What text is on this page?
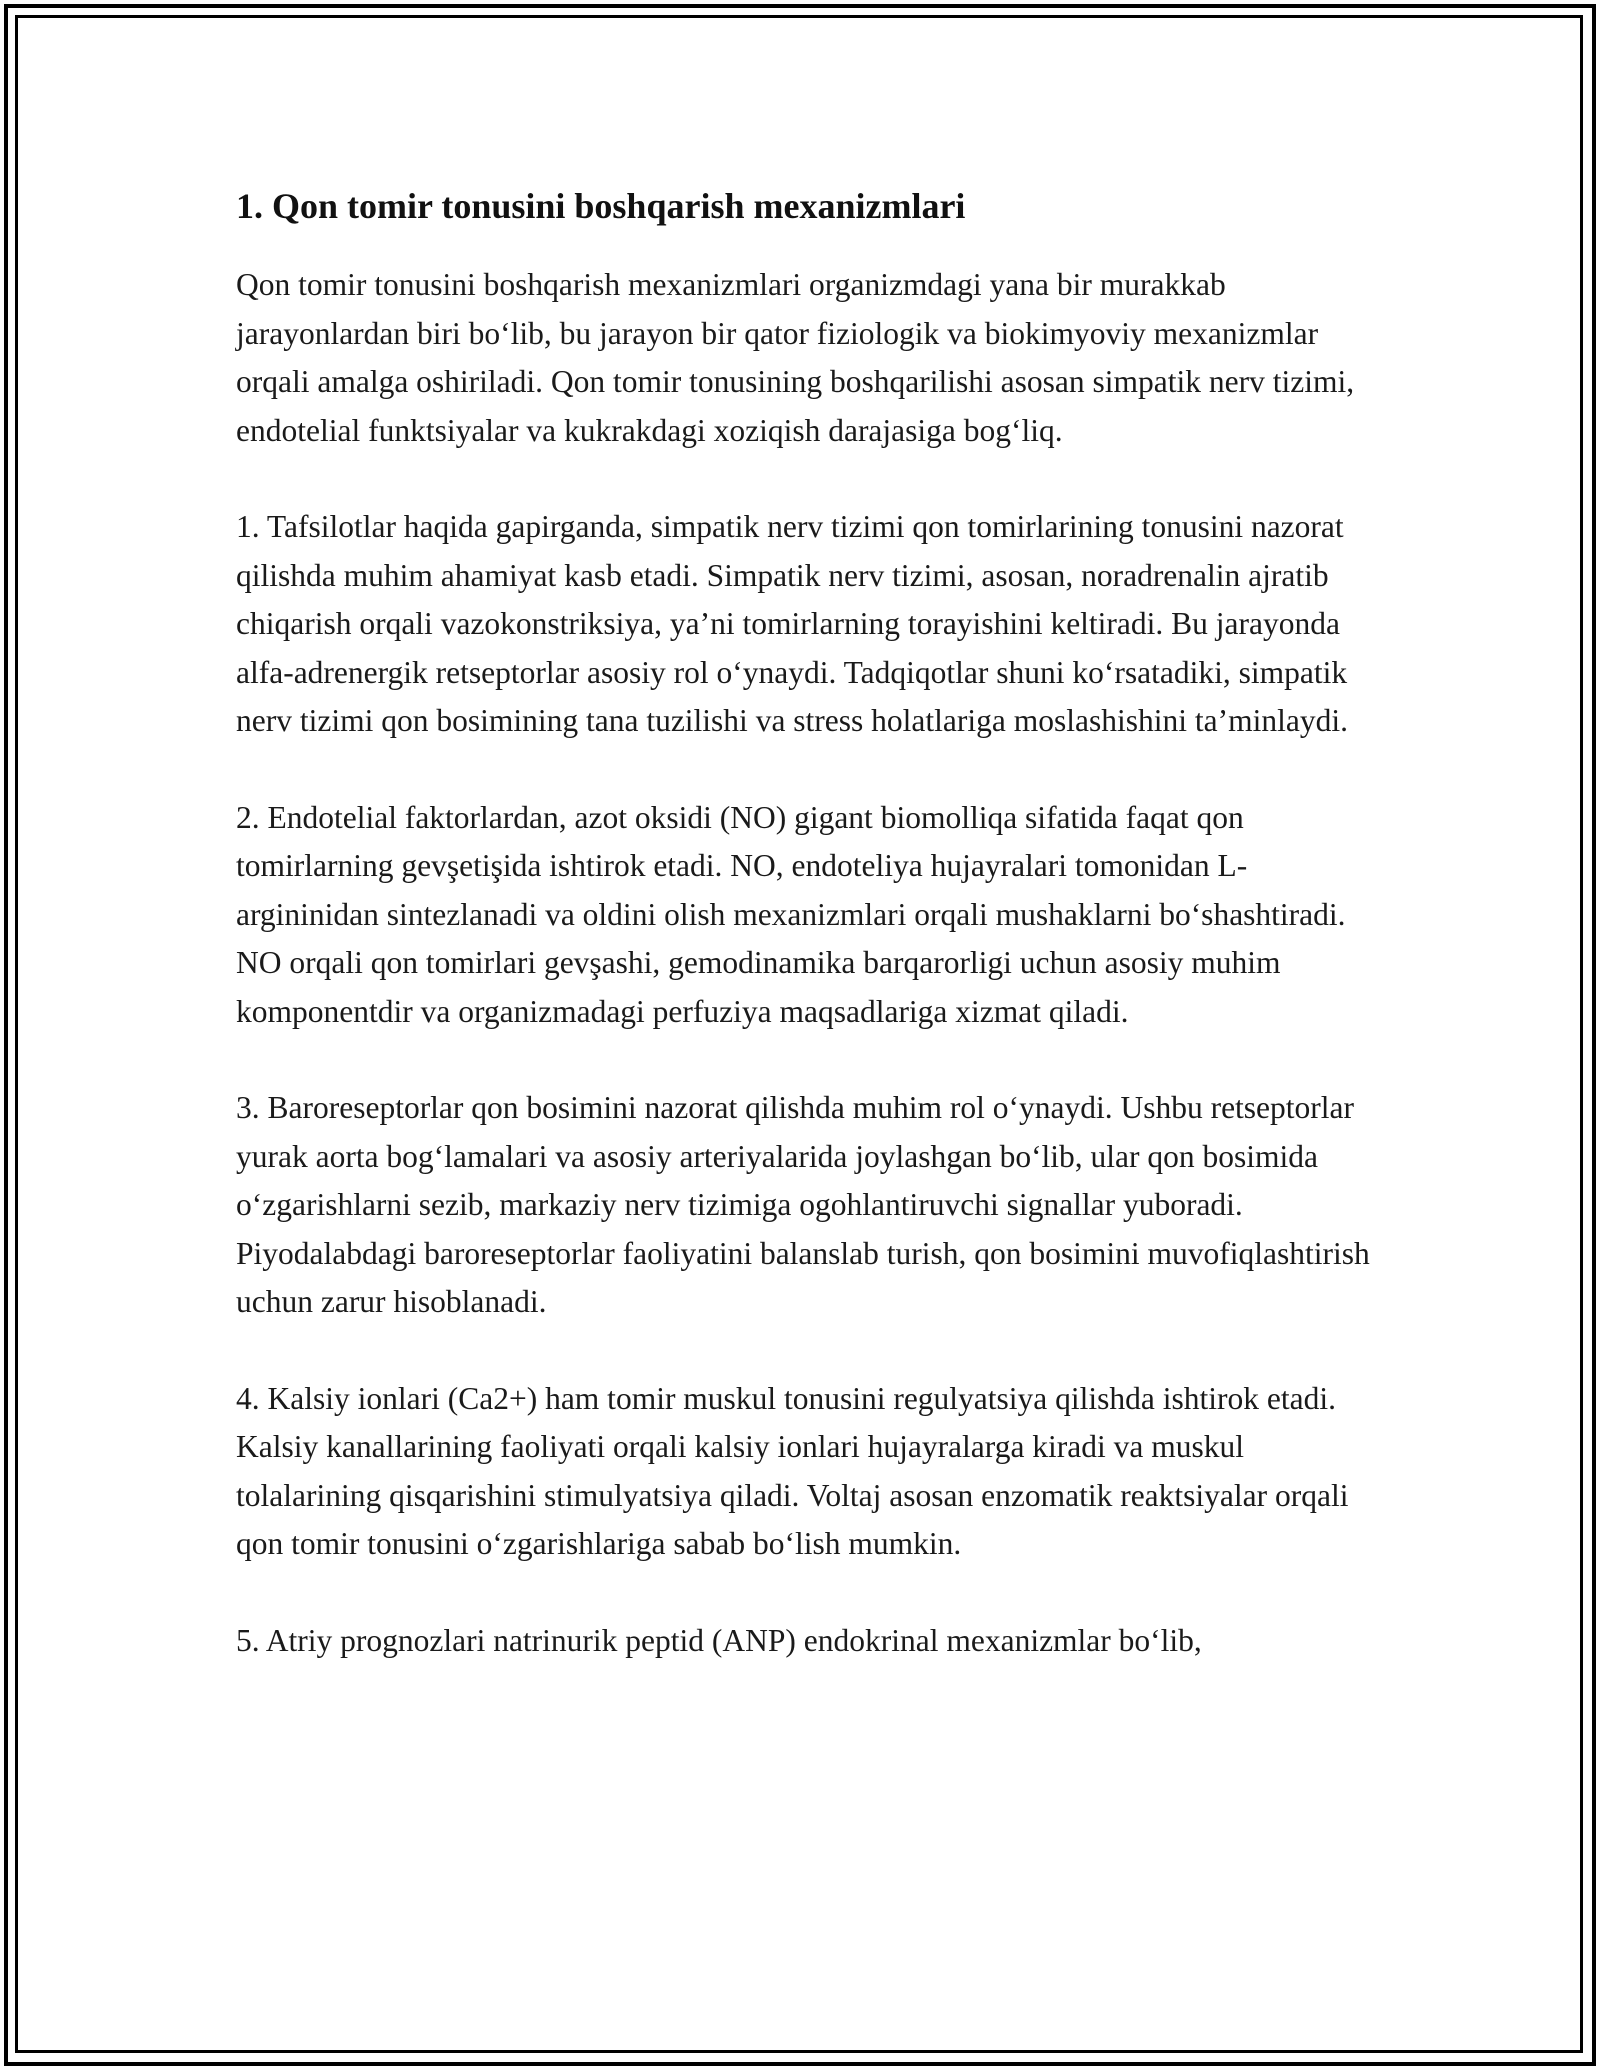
1. Qon tomir tonusini boshqarish mexanizmlari

Qon tomir tonusini boshqarish mexanizmlari organizmdagi yana bir murakkab jarayonlardan biri bo‘lib, bu jarayon bir qator fiziologik va biokimyoviy mexanizmlar orqali amalga oshiriladi. Qon tomir tonusining boshqarilishi asosan simpatik nerv tizimi, endotelial funktsiyalar va kukrakdagi xoziqish darajasiga bog‘liq.

1. Tafsilotlar haqida gapirganda, simpatik nerv tizimi qon tomirlarining tonusini nazorat qilishda muhim ahamiyat kasb etadi. Simpatik nerv tizimi, asosan, noradrenalin ajratib chiqarish orqali vazokonstriksiya, ya’ni tomirlarning torayishini keltiradi. Bu jarayonda alfa-adrenergik retseptorlar asosiy rol o‘ynaydi. Tadqiqotlar shuni ko‘rsatadiki, simpatik nerv tizimi qon bosimining tana tuzilishi va stress holatlariga moslashishini ta’minlaydi.

2. Endotelial faktorlardan, azot oksidi (NO) gigant biomolliqa sifatida faqat qon tomirlarning gevşetişida ishtirok etadi. NO, endoteliya hujayralari tomonidan L-argininidan sintezlanadi va oldini olish mexanizmlari orqali mushaklarni bo‘shashtiradi. NO orqali qon tomirlari gevşashi, gemodinamika barqarorligi uchun asosiy muhim komponentdir va organizmadagi perfuziya maqsadlariga xizmat qiladi.

3. Baroreseptorlar qon bosimini nazorat qilishda muhim rol o‘ynaydi. Ushbu retseptorlar yurak aorta bog‘lamalari va asosiy arteriyalarida joylashgan bo‘lib, ular qon bosimida o‘zgarishlarni sezib, markaziy nerv tizimiga ogohlantiruvchi signallar yuboradi. Piyodalabdagi baroreseptorlar faoliyatini balanslab turish, qon bosimini muvofiqlashtirish uchun zarur hisoblanadi.

4. Kalsiy ionlari (Ca2+) ham tomir muskul tonusini regulyatsiya qilishda ishtirok etadi. Kalsiy kanallarining faoliyati orqali kalsiy ionlari hujayralarga kiradi va muskul tolalarining qisqarishini stimulyatsiya qiladi. Voltaj asosan enzomatik reaktsiyalar orqali qon tomir tonusini o‘zgarishlariga sabab bo‘lish mumkin.

5. Atriy prognozlari natrinurik peptid (ANP) endokrinal mexanizmlar bo‘lib,
